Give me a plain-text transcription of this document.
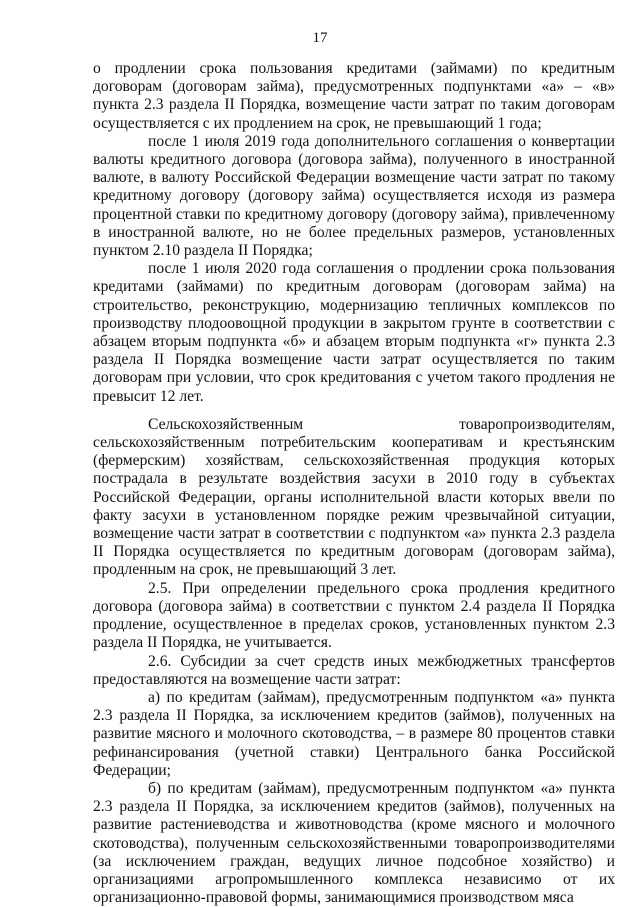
17

о продлении срока пользования кредитами (займами) по кредитным договорам (договорам займа), предусмотренных подпунктами «а» – «в» пункта 2.3 раздела II Порядка, возмещение части затрат по таким договорам осуществляется с их продлением на срок, не превышающий 1 года;

после 1 июля 2019 года дополнительного соглашения о конвертации валюты кредитного договора (договора займа), полученного в иностранной валюте, в валюту Российской Федерации возмещение части затрат по такому кредитному договору (договору займа) осуществляется исходя из размера процентной ставки по кредитному договору (договору займа), привлеченному в иностранной валюте, но не более предельных размеров, установленных пунктом 2.10 раздела II Порядка;

после 1 июля 2020 года соглашения о продлении срока пользования кредитами (займами) по кредитным договорам (договорам займа) на строительство, реконструкцию, модернизацию тепличных комплексов по производству плодоовощной продукции в закрытом грунте в соответствии с абзацем вторым подпункта «б» и абзацем вторым подпункта «г» пункта 2.3 раздела II Порядка возмещение части затрат осуществляется по таким договорам при условии, что срок кредитования с учетом такого продления не превысит 12 лет.

Сельскохозяйственным товаропроизводителям, сельскохозяйственным потребительским кооперативам и крестьянским (фермерским) хозяйствам, сельскохозяйственная продукция которых пострадала в результате воздействия засухи в 2010 году в субъектах Российской Федерации, органы исполнительной власти которых ввели по факту засухи в установленном порядке режим чрезвычайной ситуации, возмещение части затрат в соответствии с подпунктом «а» пункта 2.3 раздела II Порядка осуществляется по кредитным договорам (договорам займа), продленным на срок, не превышающий 3 лет.

2.5. При определении предельного срока продления кредитного договора (договора займа) в соответствии с пунктом 2.4 раздела II Порядка продление, осуществленное в пределах сроков, установленных пунктом 2.3 раздела II Порядка, не учитывается.

2.6. Субсидии за счет средств иных межбюджетных трансфертов предоставляются на возмещение части затрат:

а) по кредитам (займам), предусмотренным подпунктом «а» пункта 2.3 раздела II Порядка, за исключением кредитов (займов), полученных на развитие мясного и молочного скотоводства, – в размере 80 процентов ставки рефинансирования (учетной ставки) Центрального банка Российской Федерации;

б) по кредитам (займам), предусмотренным подпунктом «а» пункта 2.3 раздела II Порядка, за исключением кредитов (займов), полученных на развитие растениеводства и животноводства (кроме мясного и молочного скотоводства), полученным сельскохозяйственными товаропроизводителями (за исключением граждан, ведущих личное подсобное хозяйство) и организациями агропромышленного комплекса независимо от их организационно-правовой формы, занимающимися производством мяса
